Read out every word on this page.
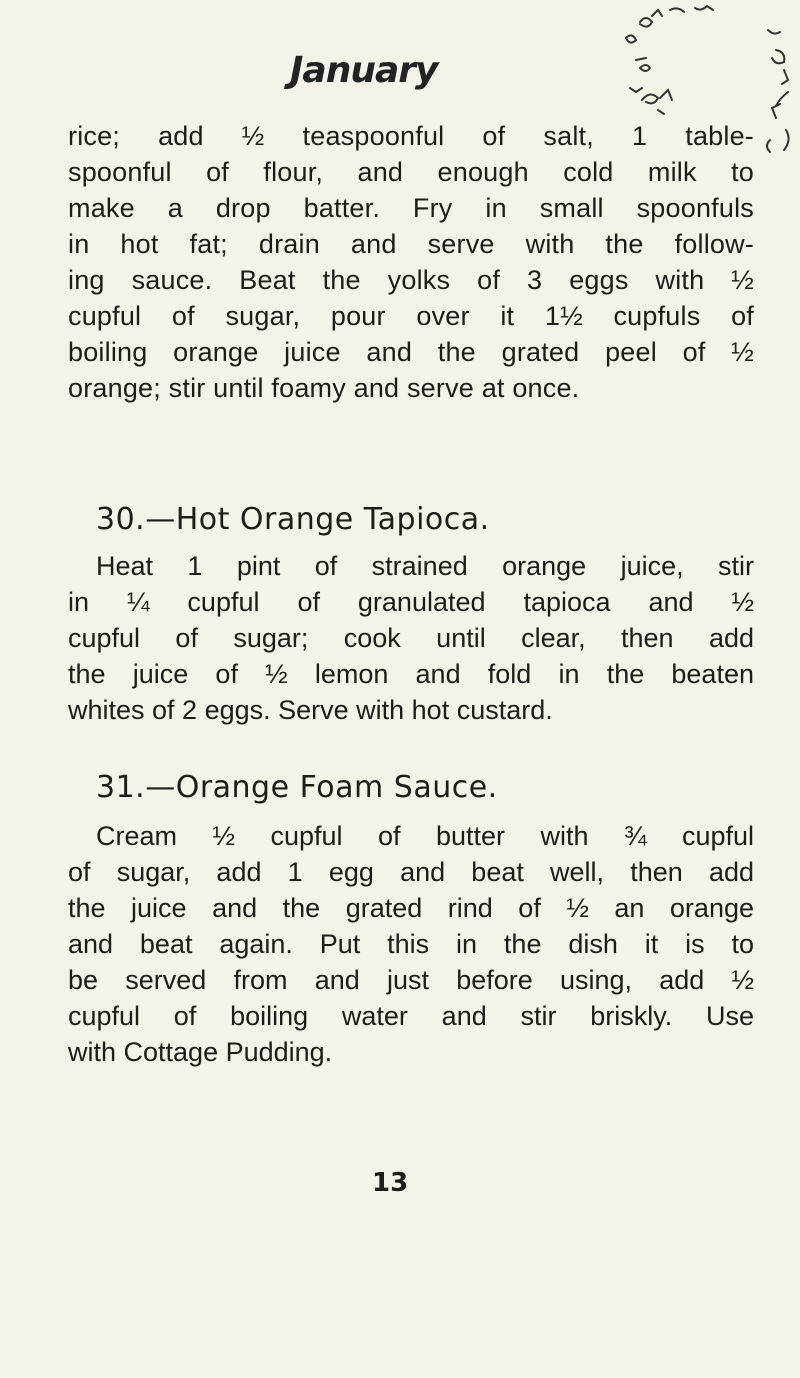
January
rice; add ½ teaspoonful of salt, 1 table-
spoonful of flour, and enough cold milk to
make a drop batter. Fry in small spoonfuls
in hot fat; drain and serve with the follow-
ing sauce. Beat the yolks of 3 eggs with ½
cupful of sugar, pour over it 1½ cupfuls of
boiling orange juice and the grated peel of ½
orange; stir until foamy and serve at once.
30.—Hot Orange Tapioca.
Heat 1 pint of strained orange juice, stir
in ¼ cupful of granulated tapioca and ½
cupful of sugar; cook until clear, then add
the juice of ½ lemon and fold in the beaten
whites of 2 eggs. Serve with hot custard.
31.—Orange Foam Sauce.
Cream ½ cupful of butter with ¾ cupful
of sugar, add 1 egg and beat well, then add
the juice and the grated rind of ½ an orange
and beat again. Put this in the dish it is to
be served from and just before using, add ½
cupful of boiling water and stir briskly. Use
with Cottage Pudding.
13
